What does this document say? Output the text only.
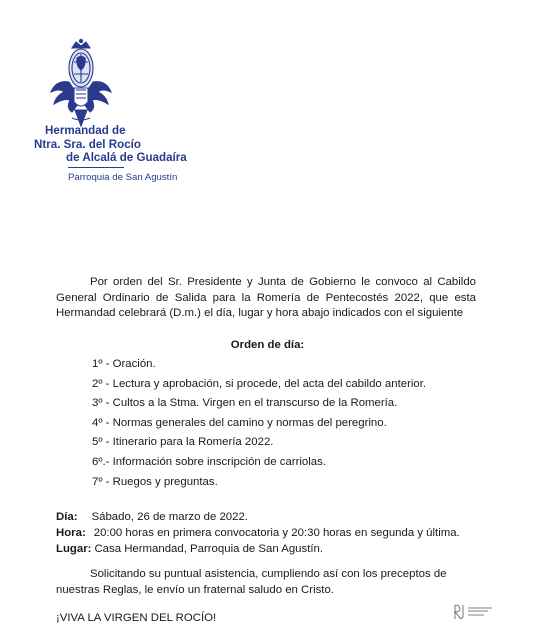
Hermandad de
Ntra. Sra. del Rocío
de Alcalá de Guadaíra
Parroquia de San Agustín

Por orden del Sr. Presidente y Junta de Gobierno le convoco al Cabildo General Ordinario de Salida para la Romería de Pentecostés 2022, que esta Hermandad celebrará (D.m.) el día, lugar y hora abajo indicados con el siguiente

Orden de día:

1º - Oración.
2º - Lectura y aprobación, si procede, del acta del cabildo anterior.
3º - Cultos a la Stma. Virgen en el transcurso de la Romería.
4º - Normas generales del camino y normas del peregrino.
5º - Itinerario para la Romería 2022.
6º.- Información sobre inscripción de carriolas.
7º - Ruegos y preguntas.
Día: Sábado, 26 de marzo de 2022.
Hora: 20:00 horas en primera convocatoria y 20:30 horas en segunda y última.
Lugar: Casa Hermandad, Parroquia de San Agustín.

Solicitando su puntual asistencia, cumpliendo así con los preceptos de nuestras Reglas, le envío un fraternal saludo en Cristo.

¡VIVA LA VIRGEN DEL ROCÍO!
